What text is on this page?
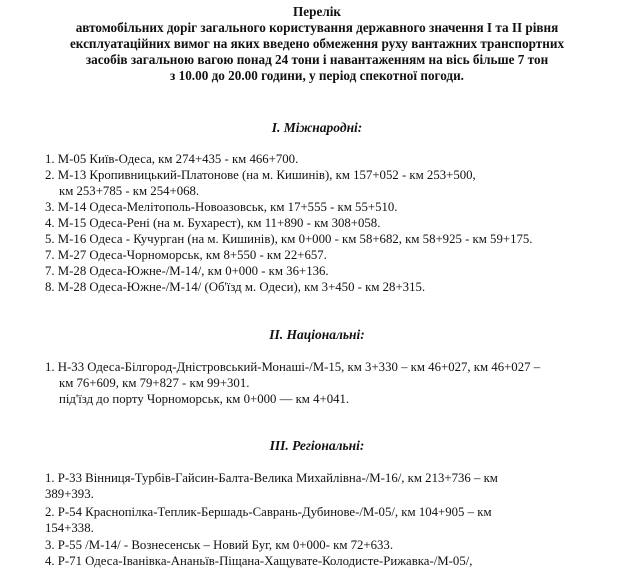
Перелік
автомобільних доріг загального користування державного значення І та ІІ рівня
експлуатаційних вимог на яких введено обмеження руху вантажних транспортних
засобів загальною вагою понад 24 тони і навантаженням на вісь більше 7 тон
з 10.00 до 20.00 години, у період спекотної погоди.
І. Міжнародні:
1. М-05 Київ-Одеса, км 274+435 - км 466+700.
2. М-13 Кропивницький-Платонове (на м. Кишинів), км 157+052 - км 253+500,
км 253+785 - км 254+068.
3. М-14 Одеса-Мелітополь-Новоазовськ, км 17+555 - км 55+510.
4. М-15 Одеса-Рені (на м. Бухарест), км 11+890 - км 308+058.
5. М-16 Одеса - Кучурган (на м. Кишинів), км 0+000 - км 58+682, км 58+925 - км 59+175.
7. М-27 Одеса-Чорноморськ, км 8+550 - км 22+657.
7. М-28 Одеса-Южне-/М-14/, км 0+000 - км 36+136.
8. М-28 Одеса-Южне-/М-14/ (Об'їзд м. Одеси), км 3+450 - км 28+315.
ІІ. Національні:
1. Н-33 Одеса-Білгород-Дністровський-Монаші-/М-15, км 3+330 – км 46+027, км 46+027 –
км 76+609, км 79+827 - км 99+301.
під'їзд до порту Чорноморськ, км 0+000 — км 4+041.
ІІІ. Регіональні:
1. Р-33 Вінниця-Турбів-Гайсин-Балта-Велика Михайлівна-/М-16/, км 213+736 – км
389+393.
2. Р-54 Краснопілка-Теплик-Бершадь-Саврань-Дубинове-/М-05/, км 104+905 – км
154+338.
3. Р-55 /М-14/ - Вознесенськ – Новий Буг, км 0+000- км 72+633.
4. Р-71 Одеса-Іванівка-Ананьїв-Піщана-Хащувате-Колодисте-Рижавка-/М-05/,
